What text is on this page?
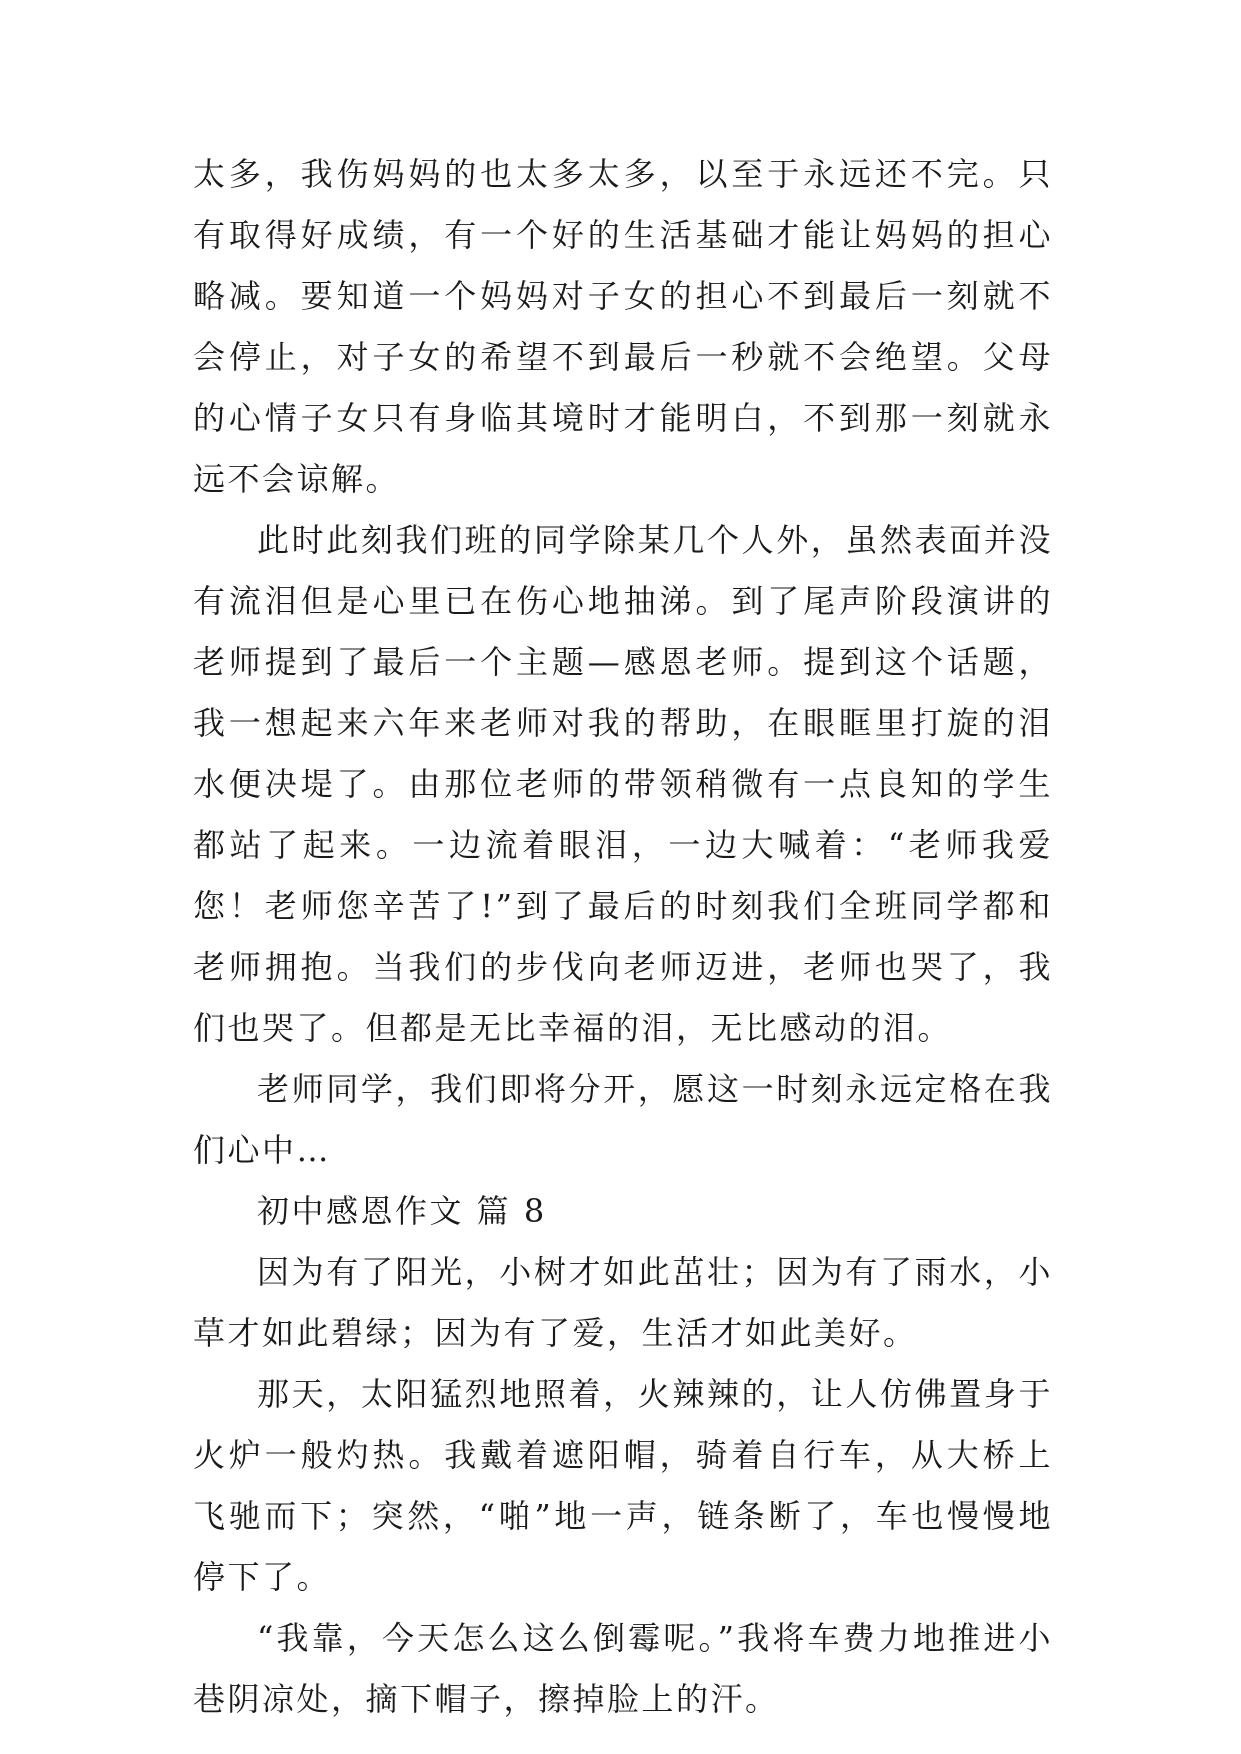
太多，我伤妈妈的也太多太多，以至于永远还不完。只有取得好成绩，有一个好的生活基础才能让妈妈的担心略减。要知道一个妈妈对子女的担心不到最后一刻就不会停止，对子女的希望不到最后一秒就不会绝望。父母的心情子女只有身临其境时才能明白，不到那一刻就永远不会谅解。

此时此刻我们班的同学除某几个人外，虽然表面并没有流泪但是心里已在伤心地抽涕。到了尾声阶段演讲的老师提到了最后一个主题—感恩老师。提到这个话题，我一想起来六年来老师对我的帮助，在眼眶里打旋的泪水便决堤了。由那位老师的带领稍微有一点良知的学生都站了起来。一边流着眼泪，一边大喊着：“老师我爱您！老师您辛苦了!”到了最后的时刻我们全班同学都和老师拥抱。当我们的步伐向老师迈进，老师也哭了，我们也哭了。但都是无比幸福的泪，无比感动的泪。

老师同学，我们即将分开，愿这一时刻永远定格在我们心中…

初中感恩作文 篇 8

因为有了阳光，小树才如此茁壮；因为有了雨水，小草才如此碧绿；因为有了爱，生活才如此美好。

那天，太阳猛烈地照着，火辣辣的，让人仿佛置身于火炉一般灼热。我戴着遮阳帽，骑着自行车，从大桥上飞驰而下；突然，“啪”地一声，链条断了，车也慢慢地停下了。

“我靠，今天怎么这么倒霉呢。”我将车费力地推进小巷阴凉处，摘下帽子，擦掉脸上的汗。
